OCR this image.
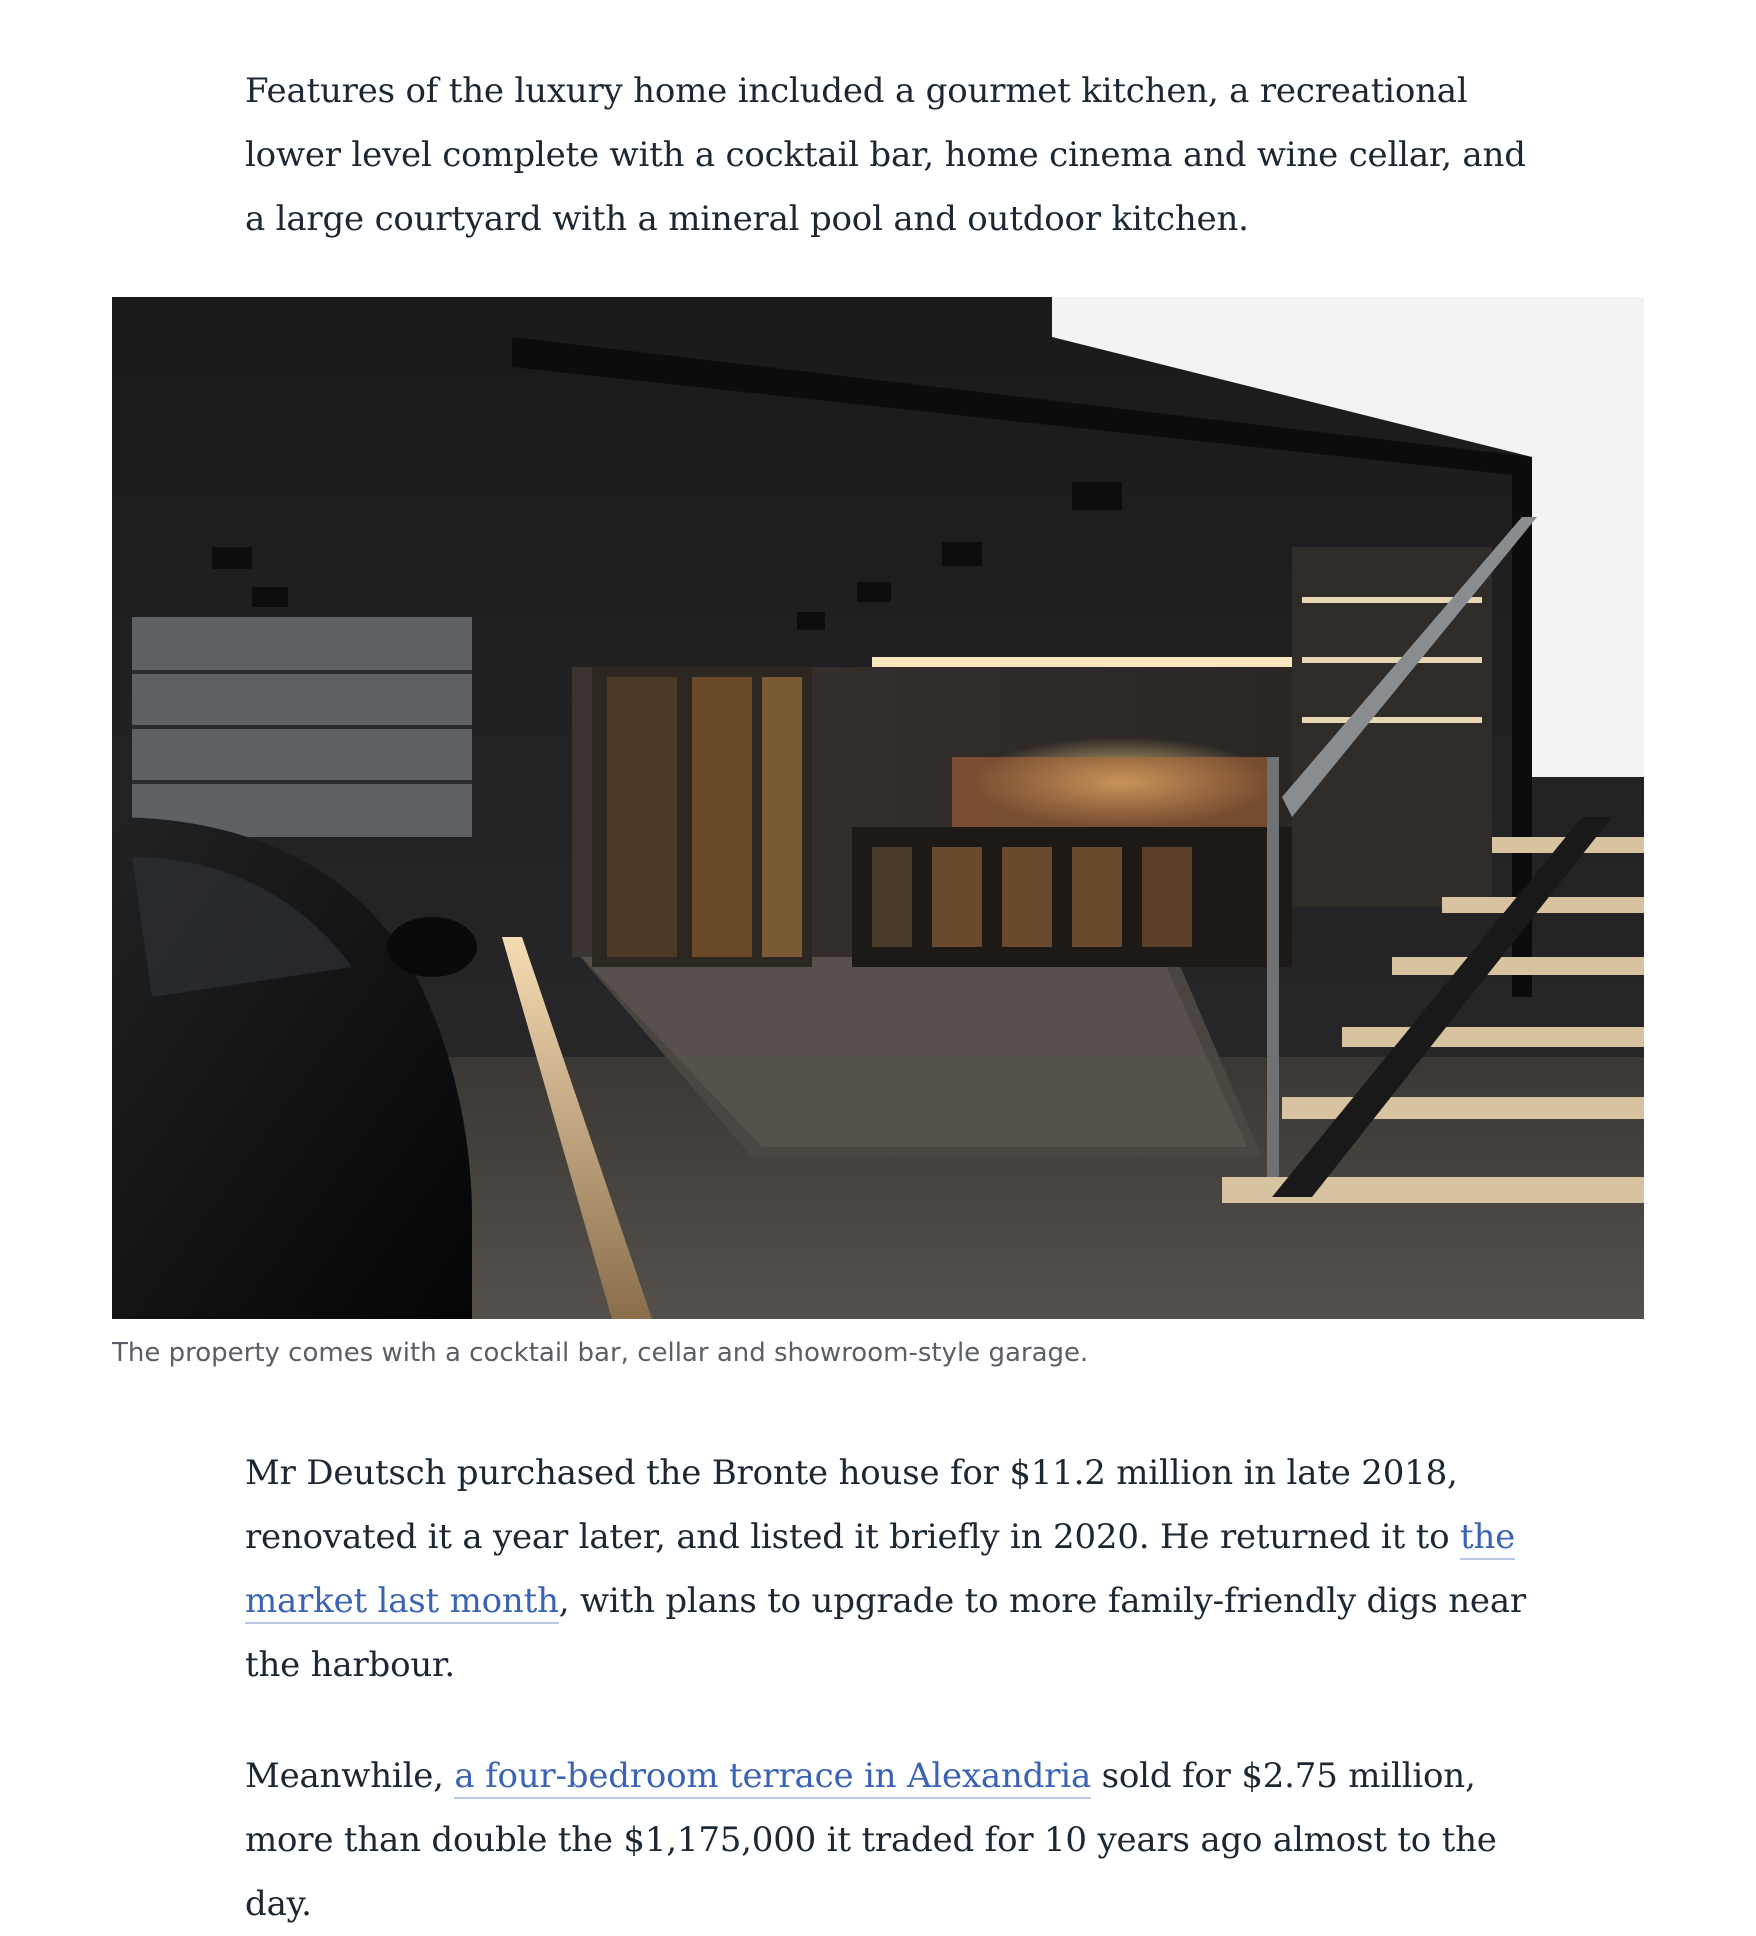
Features of the luxury home included a gourmet kitchen, a recreational lower level complete with a cocktail bar, home cinema and wine cellar, and a large courtyard with a mineral pool and outdoor kitchen.

The property comes with a cocktail bar, cellar and showroom-style garage.

Mr Deutsch purchased the Bronte house for $11.2 million in late 2018, renovated it a year later, and listed it briefly in 2020. He returned it to the market last month, with plans to upgrade to more family-friendly digs near the harbour.

Meanwhile, a four-bedroom terrace in Alexandria sold for $2.75 million, more than double the $1,175,000 it traded for 10 years ago almost to the day.
